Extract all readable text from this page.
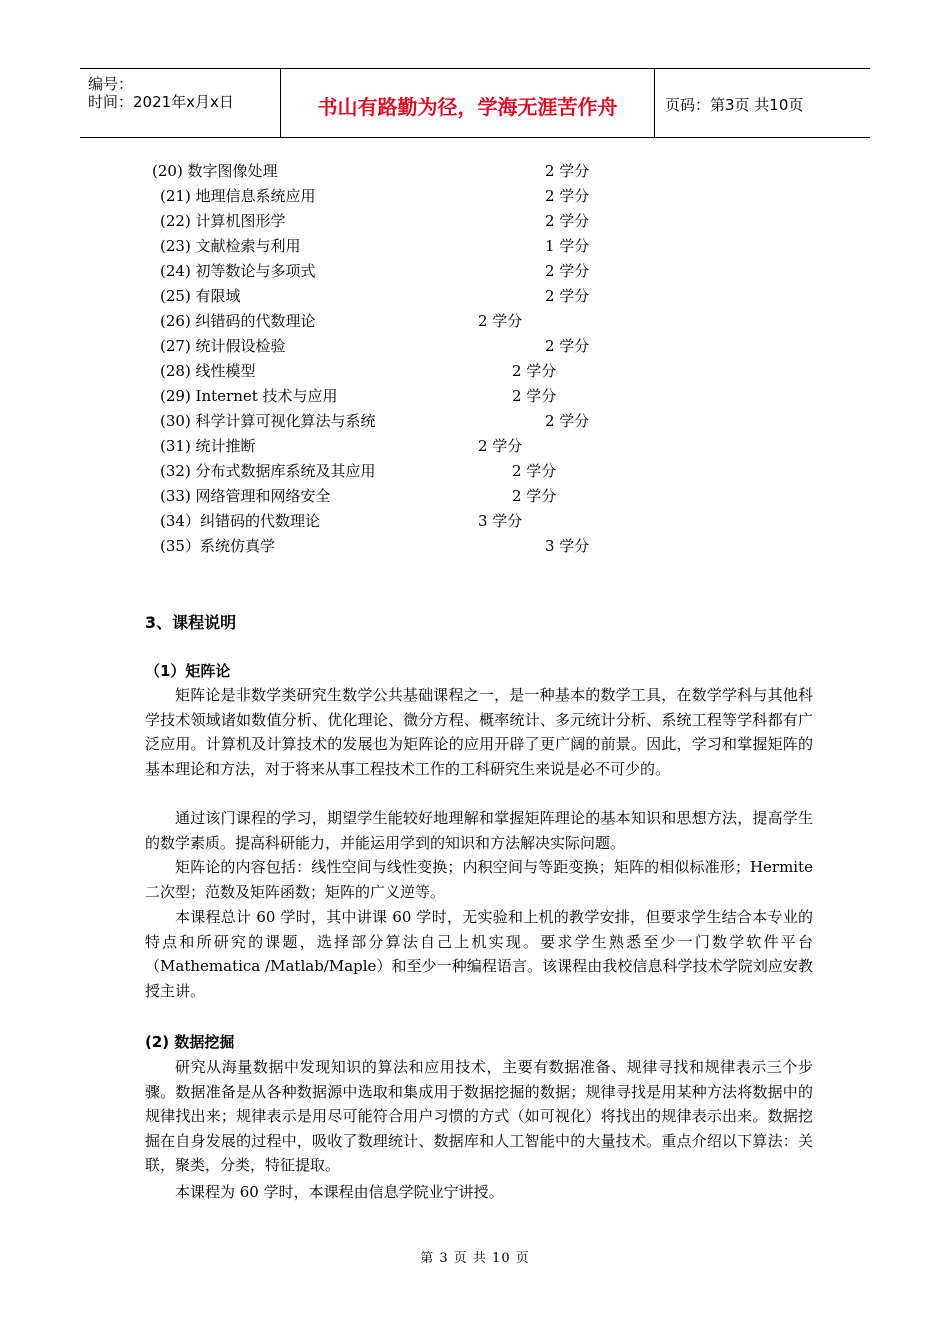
编号：
时间：2021年x月x日	书山有路勤为径，学海无涯苦作舟	页码：第3页 共10页
(20) 数字图像处理	2 学分
(21) 地理信息系统应用	2 学分
(22) 计算机图形学	2 学分
(23) 文献检索与利用	1 学分
(24) 初等数论与多项式	2 学分
(25) 有限域	2 学分
(26) 纠错码的代数理论	2 学分
(27) 统计假设检验	2 学分
(28) 线性模型	2 学分
(29) Internet 技术与应用	2 学分
(30) 科学计算可视化算法与系统	2 学分
(31) 统计推断	2 学分
(32) 分布式数据库系统及其应用	2 学分
(33) 网络管理和网络安全	2 学分
(34）纠错码的代数理论	3 学分
(35）系统仿真学	3 学分
3、课程说明
（1）矩阵论

矩阵论是非数学类研究生数学公共基础课程之一，是一种基本的数学工具，在数学学科与其他科学技术领域诸如数值分析、优化理论、微分方程、概率统计、多元统计分析、系统工程等学科都有广泛应用。计算机及计算技术的发展也为矩阵论的应用开辟了更广阔的前景。因此，学习和掌握矩阵的基本理论和方法，对于将来从事工程技术工作的工科研究生来说是必不可少的。

通过该门课程的学习，期望学生能较好地理解和掌握矩阵理论的基本知识和思想方法，提高学生的数学素质。提高科研能力，并能运用学到的知识和方法解决实际问题。

矩阵论的内容包括：线性空间与线性变换；内积空间与等距变换；矩阵的相似标准形；Hermite 二次型；范数及矩阵函数；矩阵的广义逆等。

本课程总计 60 学时，其中讲课 60 学时，无实验和上机的教学安排，但要求学生结合本专业的特点和所研究的课题，选择部分算法自己上机实现。要求学生熟悉至少一门数学软件平台（Mathematica /Matlab/Maple）和至少一种编程语言。该课程由我校信息科学技术学院刘应安教授主讲。

(2) 数据挖掘

研究从海量数据中发现知识的算法和应用技术，主要有数据准备、规律寻找和规律表示三个步骤。数据准备是从各种数据源中选取和集成用于数据挖掘的数据；规律寻找是用某种方法将数据中的规律找出来；规律表示是用尽可能符合用户习惯的方式（如可视化）将找出的规律表示出来。数据挖掘在自身发展的过程中，吸收了数理统计、数据库和人工智能中的大量技术。重点介绍以下算法：关联，聚类，分类，特征提取。

本课程为 60 学时，本课程由信息学院业宁讲授。

第 3 页 共 10 页
